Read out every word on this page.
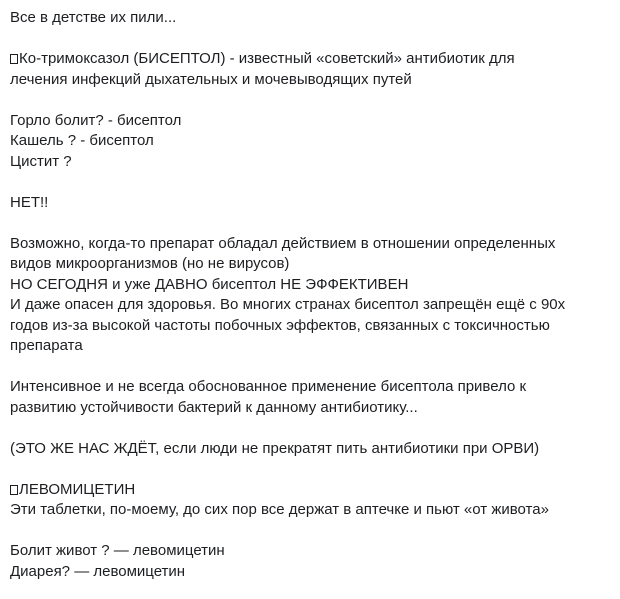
Все в детстве их пили...
Ко-тримоксазол (БИСЕПТОЛ) - известный «советский» антибиотик для
лечения инфекций дыхательных и мочевыводящих путей
Горло болит? - бисептол
Кашель ? - бисептол
Цистит ?
НЕТ!!
Возможно, когда-то препарат обладал действием в отношении определенных
видов микроорганизмов (но не вирусов)
НО СЕГОДНЯ и уже ДАВНО бисептол НЕ ЭФФЕКТИВЕН
И даже опасен для здоровья. Во многих странах бисептол запрещён ещё с 90х
годов из-за высокой частоты побочных эффектов, связанных с токсичностью
препарата
Интенсивное и не всегда обоснованное применение бисептола привело к
развитию устойчивости бактерий к данному антибиотику...
(ЭТО ЖЕ НАС ЖДЁТ, если люди не прекратят пить антибиотики при ОРВИ)
ЛЕВОМИЦЕТИН
Эти таблетки, по-моему, до сих пор все держат в аптечке и пьют «от живота»
Болит живот ? — левомицетин
Диарея? — левомицетин
